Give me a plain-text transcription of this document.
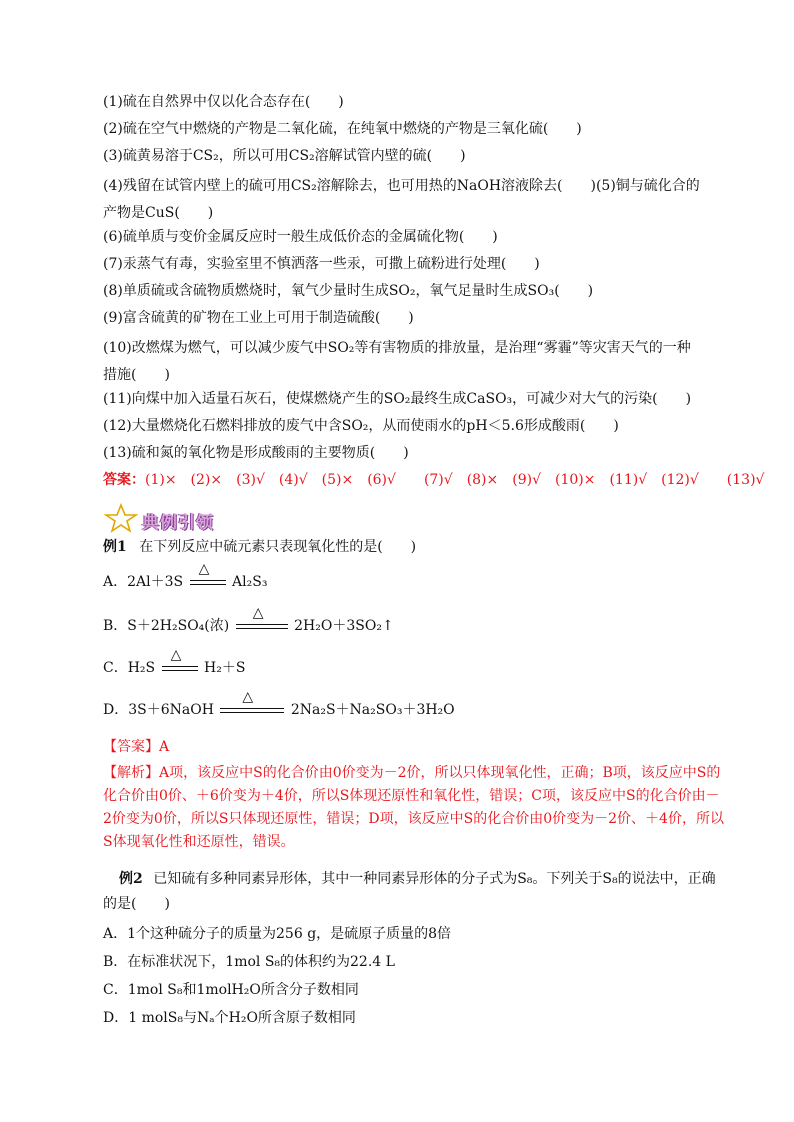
(1)硫在自然界中仅以化合态存在(　　)
(2)硫在空气中燃烧的产物是二氧化硫，在纯氧中燃烧的产物是三氧化硫(　　)
(3)硫黄易溶于CS₂，所以可用CS₂溶解试管内壁的硫(　　)
(4)残留在试管内壁上的硫可用CS₂溶解除去，也可用热的NaOH溶液除去(　　)(5)铜与硫化合的产物是CuS(　　)
(6)硫单质与变价金属反应时一般生成低价态的金属硫化物(　　)
(7)汞蒸气有毒，实验室里不慎洒落一些汞，可撒上硫粉进行处理(　　)
(8)单质硫或含硫物质燃烧时，氧气少量时生成SO₂，氧气足量时生成SO₃(　　)
(9)富含硫黄的矿物在工业上可用于制造硫酸(　　)
(10)改燃煤为燃气，可以减少废气中SO₂等有害物质的排放量，是治理“雾霾”等灾害天气的一种措施(　　)
(11)向煤中加入适量石灰石，使煤燃烧产生的SO₂最终生成CaSO₃，可减少对大气的污染(　　)
(12)大量燃烧化石燃料排放的废气中含SO₂，从而使雨水的pH＜5.6形成酸雨(　　)
(13)硫和氮的氧化物是形成酸雨的主要物质(　　)
答案：(1)×　(2)×　(3)√　(4)√　(5)×　(6)√　　(7)√　(8)×　(9)√　(10)×　(11)√　(12)√　　(13)√
典例引领
例1 在下列反应中硫元素只表现氧化性的是(　　)
A．2Al＋3S
△
Al₂S₃
B．S＋2H₂SO₄(浓)
△
2H₂O＋3SO₂↑
C．H₂S
△
H₂＋S
D．3S＋6NaOH
△
2Na₂S＋Na₂SO₃＋3H₂O
【答案】A
【解析】A项，该反应中S的化合价由0价变为－2价，所以只体现氧化性，正确；B项，该反应中S的化合价由0价、＋6价变为＋4价，所以S体现还原性和氧化性，错误；C项，该反应中S的化合价由－2价变为0价，所以S只体现还原性，错误；D项，该反应中S的化合价由0价变为－2价、＋4价，所以S体现氧化性和还原性，错误。
例2 已知硫有多种同素异形体，其中一种同素异形体的分子式为S₈。下列关于S₈的说法中，正确的是(　　)
A．1个这种硫分子的质量为256 g，是硫原子质量的8倍
B．在标准状况下，1mol S₈的体积约为22.4 L
C．1mol S₈和1molH₂O所含分子数相同
D．1 molS₈与Nₐ个H₂O所含原子数相同
